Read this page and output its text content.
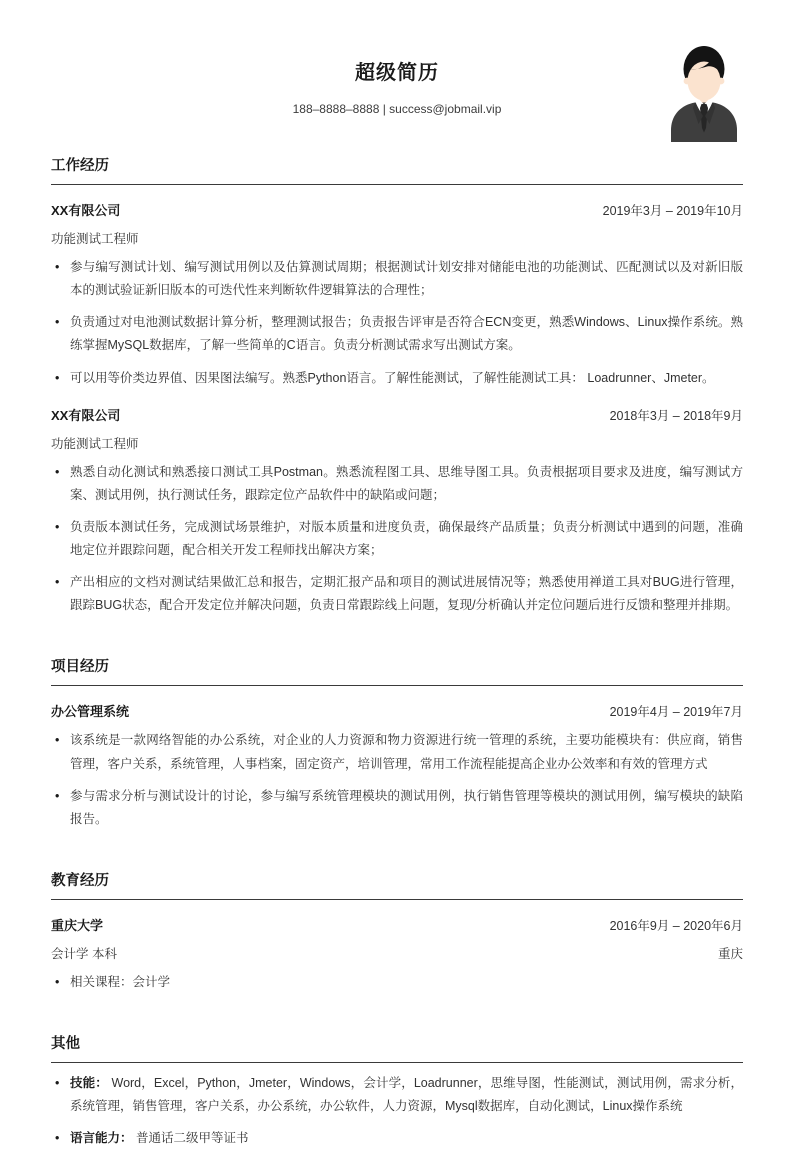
超级简历
188–8888–8888 | success@jobmail.vip
工作经历
XX有限公司	2019年3月 – 2019年10月
功能测试工程师
• 参与编写测试计划、编写测试用例以及估算测试周期；根据测试计划安排对储能电池的功能测试、匹配测试以及对新旧版本的测试验证新旧版本的可迭代性来判断软件逻辑算法的合理性；
• 负责通过对电池测试数据计算分析，整理测试报告；负责报告评审是否符合ECN变更，熟悉Windows、Linux操作系统。熟练掌握MySQL数据库，了解一些简单的C语言。负责分析测试需求写出测试方案。
• 可以用等价类边界值、因果图法编写。熟悉Python语言。了解性能测试，了解性能测试工具： Loadrunner、Jmeter。
XX有限公司	2018年3月 – 2018年9月
功能测试工程师
• 熟悉自动化测试和熟悉接口测试工具Postman。熟悉流程图工具、思维导图工具。负责根据项目要求及进度，编写测试方案、测试用例，执行测试任务，跟踪定位产品软件中的缺陷或问题；
• 负责版本测试任务，完成测试场景维护，对版本质量和进度负责，确保最终产品质量；负责分析测试中遇到的问题，准确地定位并跟踪问题，配合相关开发工程师找出解决方案；
• 产出相应的文档对测试结果做汇总和报告，定期汇报产品和项目的测试进展情况等；熟悉使用禅道工具对BUG进行管理，跟踪BUG状态，配合开发定位并解决问题，负责日常跟踪线上问题，复现/分析确认并定位问题后进行反馈和整理并排期。
项目经历
办公管理系统	2019年4月 – 2019年7月
• 该系统是一款网络智能的办公系统，对企业的人力资源和物力资源进行统一管理的系统，主要功能模块有：供应商，销售管理，客户关系，系统管理，人事档案，固定资产，培训管理，常用工作流程能提高企业办公效率和有效的管理方式
• 参与需求分析与测试设计的讨论，参与编写系统管理模块的测试用例，执行销售管理等模块的测试用例，编写模块的缺陷报告。
教育经历
重庆大学	2016年9月 – 2020年6月
会计学 本科	重庆
• 相关课程：会计学
其他
• 技能： Word，Excel，Python，Jmeter，Windows，会计学，Loadrunner，思维导图，性能测试，测试用例，需求分析，系统管理，销售管理，客户关系，办公系统，办公软件，人力资源，Mysql数据库，自动化测试，Linux操作系统
• 语言能力： 普通话二级甲等证书
